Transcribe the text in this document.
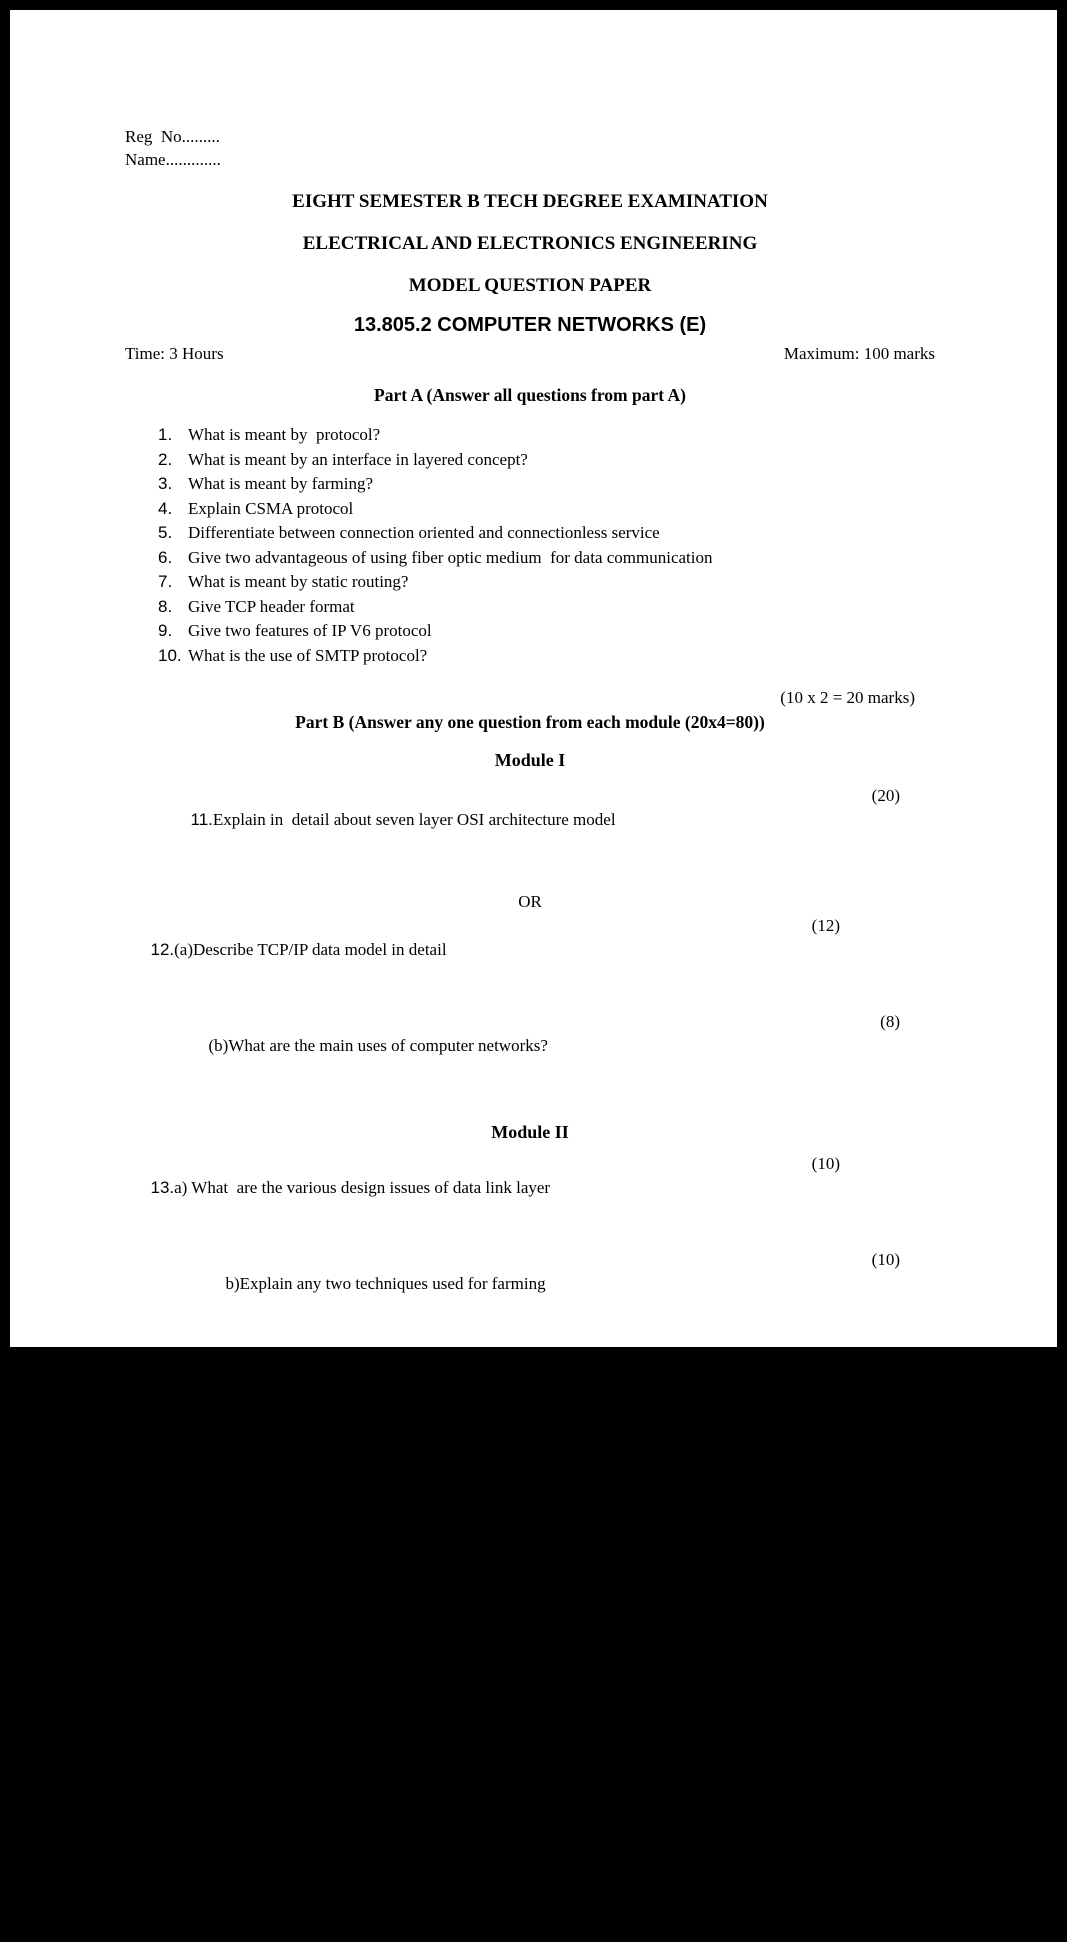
Reg  No.........
Name.............
EIGHT SEMESTER B TECH DEGREE EXAMINATION
ELECTRICAL AND ELECTRONICS ENGINEERING
MODEL QUESTION PAPER
13.805.2 COMPUTER NETWORKS (E)
Time: 3 Hours	Maximum: 100 marks
Part A (Answer all questions from part A)
1. What is meant by  protocol?
2. What is meant by an interface in layered concept?
3. What is meant by farming?
4. Explain CSMA protocol
5. Differentiate between connection oriented and connectionless service
6. Give two advantageous of using fiber optic medium  for data communication
7. What is meant by static routing?
8. Give TCP header format
9. Give two features of IP V6 protocol
10. What is the use of SMTP protocol?
(10 x 2 = 20 marks)
Part B (Answer any one question from each module (20x4=80))
Module I

11.Explain in  detail about seven layer OSI architecture model

(20)

OR

12.(a)Describe TCP/IP data model in detail

(12)

(b)What are the main uses of computer networks?

(8)

Module II

13.a) What  are the various design issues of data link layer

(10)

b)Explain any two techniques used for farming

(10)

OR

14.a) Compare various data link layer flow control protocols

(8)

b) Explain main features of IEEE 802.3 protocol

(12)

Module III

15.(a)Compare virtual circuit and datagram subnets

(10)

(b) Explain shortest path routing algorithm with the help of an example

(10)

OR

16.Explain any two conjunction control algorithms

(20)
